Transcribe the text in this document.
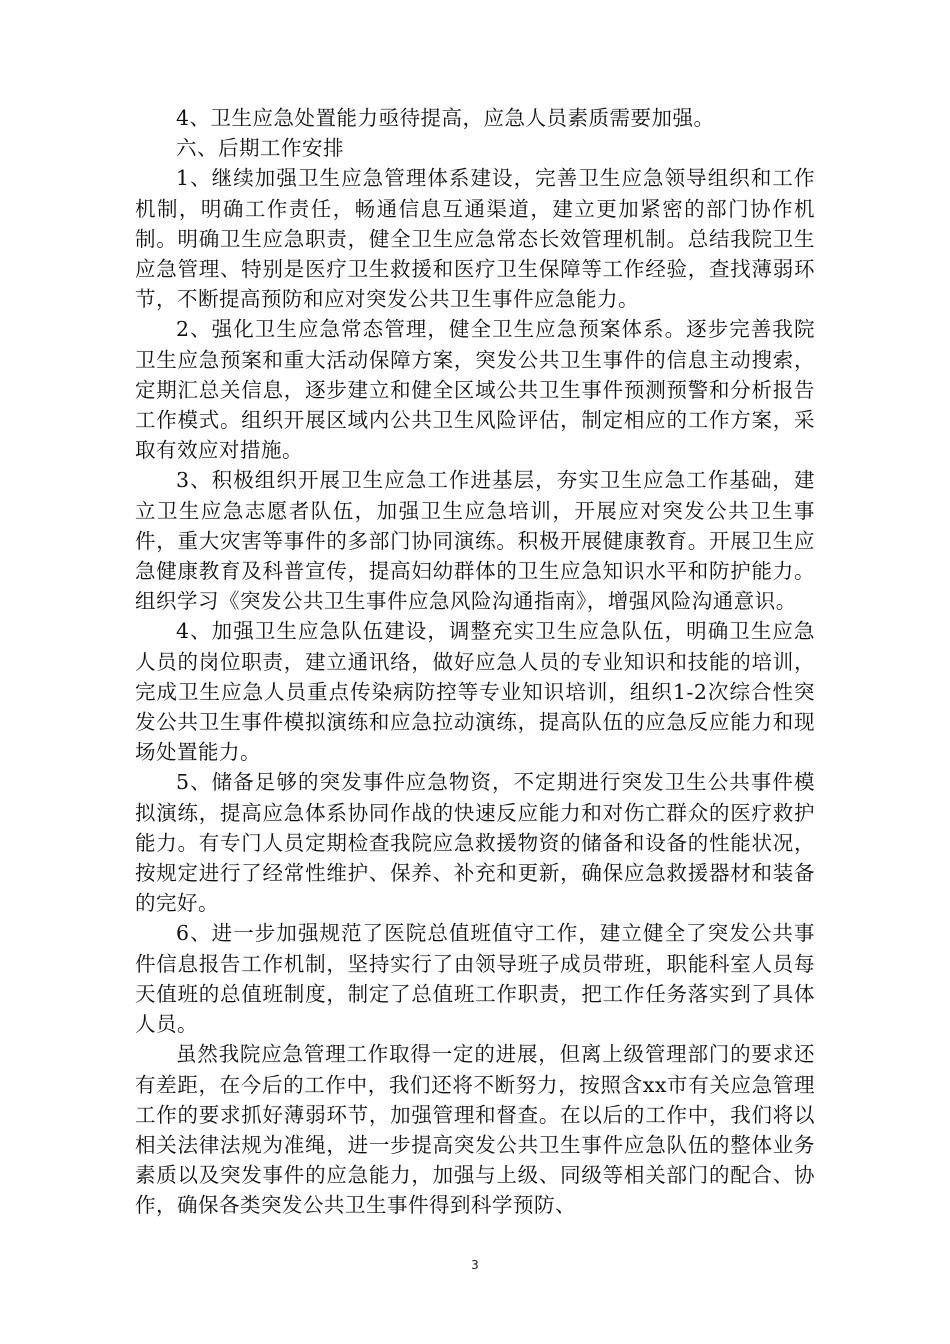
4、卫生应急处置能力亟待提高，应急人员素质需要加强。

六、后期工作安排

1、继续加强卫生应急管理体系建设，完善卫生应急领导组织和工作机制，明确工作责任，畅通信息互通渠道，建立更加紧密的部门协作机制。明确卫生应急职责，健全卫生应急常态长效管理机制。总结我院卫生应急管理、特别是医疗卫生救援和医疗卫生保障等工作经验，查找薄弱环节，不断提高预防和应对突发公共卫生事件应急能力。

2、强化卫生应急常态管理，健全卫生应急预案体系。逐步完善我院卫生应急预案和重大活动保障方案，突发公共卫生事件的信息主动搜索，定期汇总关信息，逐步建立和健全区域公共卫生事件预测预警和分析报告工作模式。组织开展区域内公共卫生风险评估，制定相应的工作方案，采取有效应对措施。

3、积极组织开展卫生应急工作进基层，夯实卫生应急工作基础，建立卫生应急志愿者队伍，加强卫生应急培训，开展应对突发公共卫生事件，重大灾害等事件的多部门协同演练。积极开展健康教育。开展卫生应急健康教育及科普宣传，提高妇幼群体的卫生应急知识水平和防护能力。组织学习《突发公共卫生事件应急风险沟通指南》，增强风险沟通意识。

4、加强卫生应急队伍建设，调整充实卫生应急队伍，明确卫生应急人员的岗位职责，建立通讯络，做好应急人员的专业知识和技能的培训，完成卫生应急人员重点传染病防控等专业知识培训，组织1-2次综合性突发公共卫生事件模拟演练和应急拉动演练，提高队伍的应急反应能力和现场处置能力。

5、储备足够的突发事件应急物资，不定期进行突发卫生公共事件模拟演练，提高应急体系协同作战的快速反应能力和对伤亡群众的医疗救护能力。有专门人员定期检查我院应急救援物资的储备和设备的性能状况，按规定进行了经常性维护、保养、补充和更新，确保应急救援器材和装备的完好。

6、进一步加强规范了医院总值班值守工作，建立健全了突发公共事件信息报告工作机制，坚持实行了由领导班子成员带班，职能科室人员每天值班的总值班制度，制定了总值班工作职责，把工作任务落实到了具体人员。

虽然我院应急管理工作取得一定的进展，但离上级管理部门的要求还有差距，在今后的工作中，我们还将不断努力，按照含xx市有关应急管理工作的要求抓好薄弱环节，加强管理和督查。在以后的工作中，我们将以相关法律法规为准绳，进一步提高突发公共卫生事件应急队伍的整体业务素质以及突发事件的应急能力，加强与上级、同级等相关部门的配合、协作，确保各类突发公共卫生事件得到科学预防、

3
